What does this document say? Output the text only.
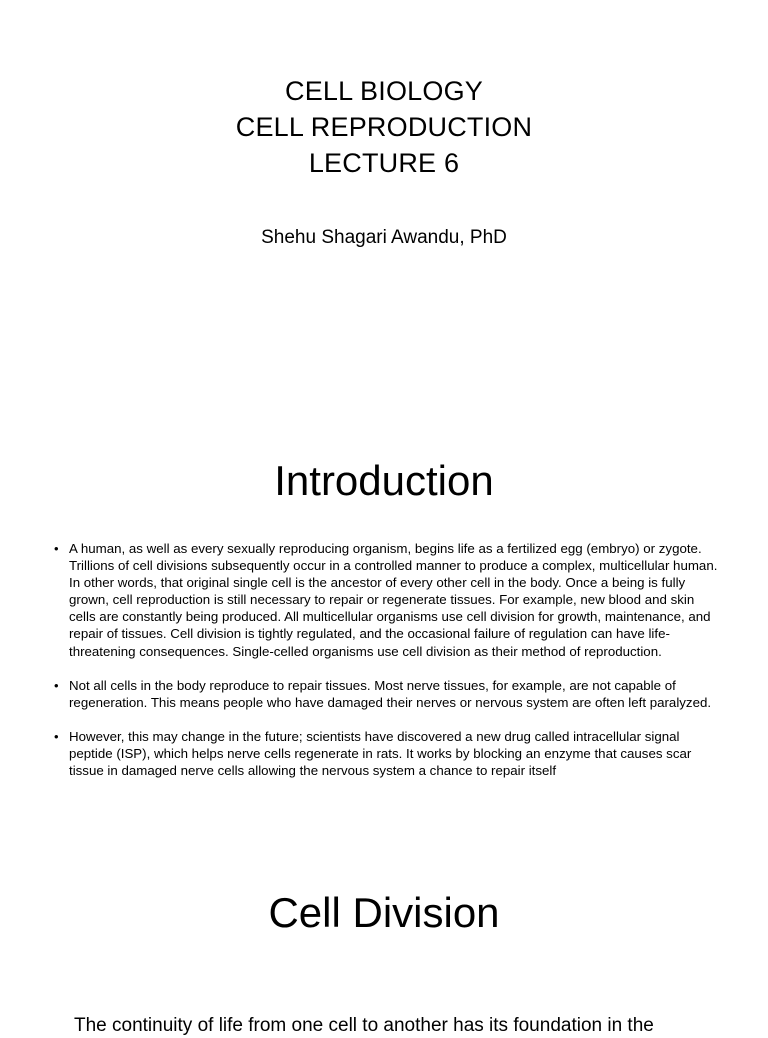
CELL BIOLOGY
CELL REPRODUCTION
LECTURE 6
Shehu Shagari Awandu, PhD
Introduction
• A human, as well as every sexually reproducing organism, begins life as a fertilized egg (embryo) or zygote. Trillions of cell divisions subsequently occur in a controlled manner to produce a complex, multicellular human. In other words, that original single cell is the ancestor of every other cell in the body. Once a being is fully grown, cell reproduction is still necessary to repair or regenerate tissues. For example, new blood and skin cells are constantly being produced. All multicellular organisms use cell division for growth, maintenance, and repair of tissues. Cell division is tightly regulated, and the occasional failure of regulation can have life-threatening consequences. Single-celled organisms use cell division as their method of reproduction.
• Not all cells in the body reproduce to repair tissues. Most nerve tissues, for example, are not capable of regeneration. This means people who have damaged their nerves or nervous system are often left paralyzed.
• However, this may change in the future; scientists have discovered a new drug called intracellular signal peptide (ISP), which helps nerve cells regenerate in rats. It works by blocking an enzyme that causes scar tissue in damaged nerve cells allowing the nervous system a chance to repair itself
Cell Division
The continuity of life from one cell to another has its foundation in the
